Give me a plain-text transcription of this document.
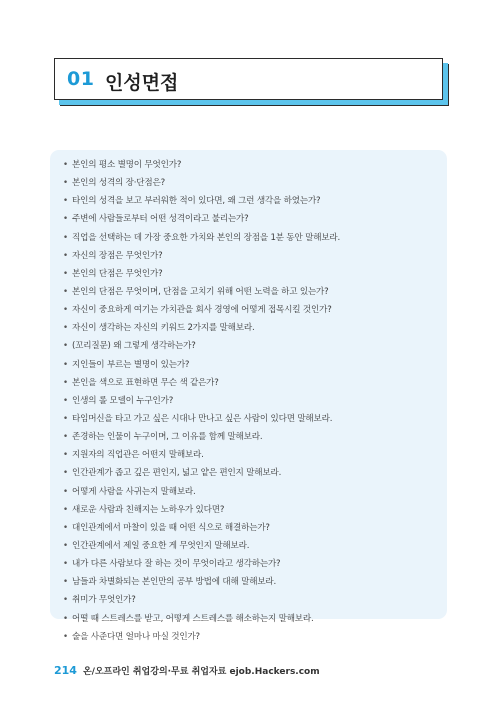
01 인성면접
• 본인의 평소 별명이 무엇인가?
• 본인의 성격의 장·단점은?
• 타인의 성격을 보고 부러워한 적이 있다면, 왜 그런 생각을 하였는가?
• 주변에 사람들로부터 어떤 성격이라고 불리는가?
• 직업을 선택하는 데 가장 중요한 가치와 본인의 장점을 1분 동안 말해보라.
• 자신의 장점은 무엇인가?
• 본인의 단점은 무엇인가?
• 본인의 단점은 무엇이며, 단점을 고치기 위해 어떤 노력을 하고 있는가?
• 자신이 중요하게 여기는 가치관을 회사 경영에 어떻게 접목시킬 것인가?
• 자신이 생각하는 자신의 키워드 2가지를 말해보라.
• (꼬리질문) 왜 그렇게 생각하는가?
• 지인들이 부르는 별명이 있는가?
• 본인을 색으로 표현하면 무슨 색 같은가?
• 인생의 롤 모델이 누구인가?
• 타임머신을 타고 가고 싶은 시대나 만나고 싶은 사람이 있다면 말해보라.
• 존경하는 인물이 누구이며, 그 이유를 함께 말해보라.
• 지원자의 직업관은 어떤지 말해보라.
• 인간관계가 좁고 깊은 편인지, 넓고 얕은 편인지 말해보라.
• 어떻게 사람을 사귀는지 말해보라.
• 새로운 사람과 친해지는 노하우가 있다면?
• 대인관계에서 마찰이 있을 때 어떤 식으로 해결하는가?
• 인간관계에서 제일 중요한 게 무엇인지 말해보라.
• 내가 다른 사람보다 잘 하는 것이 무엇이라고 생각하는가?
• 남들과 차별화되는 본인만의 공부 방법에 대해 말해보라.
• 취미가 무엇인가?
• 어떨 때 스트레스를 받고, 어떻게 스트레스를 해소하는지 말해보라.
• 술을 사준다면 얼마나 마실 것인가?
214 온/오프라인 취업강의·무료 취업자료 ejob.Hackers.com
